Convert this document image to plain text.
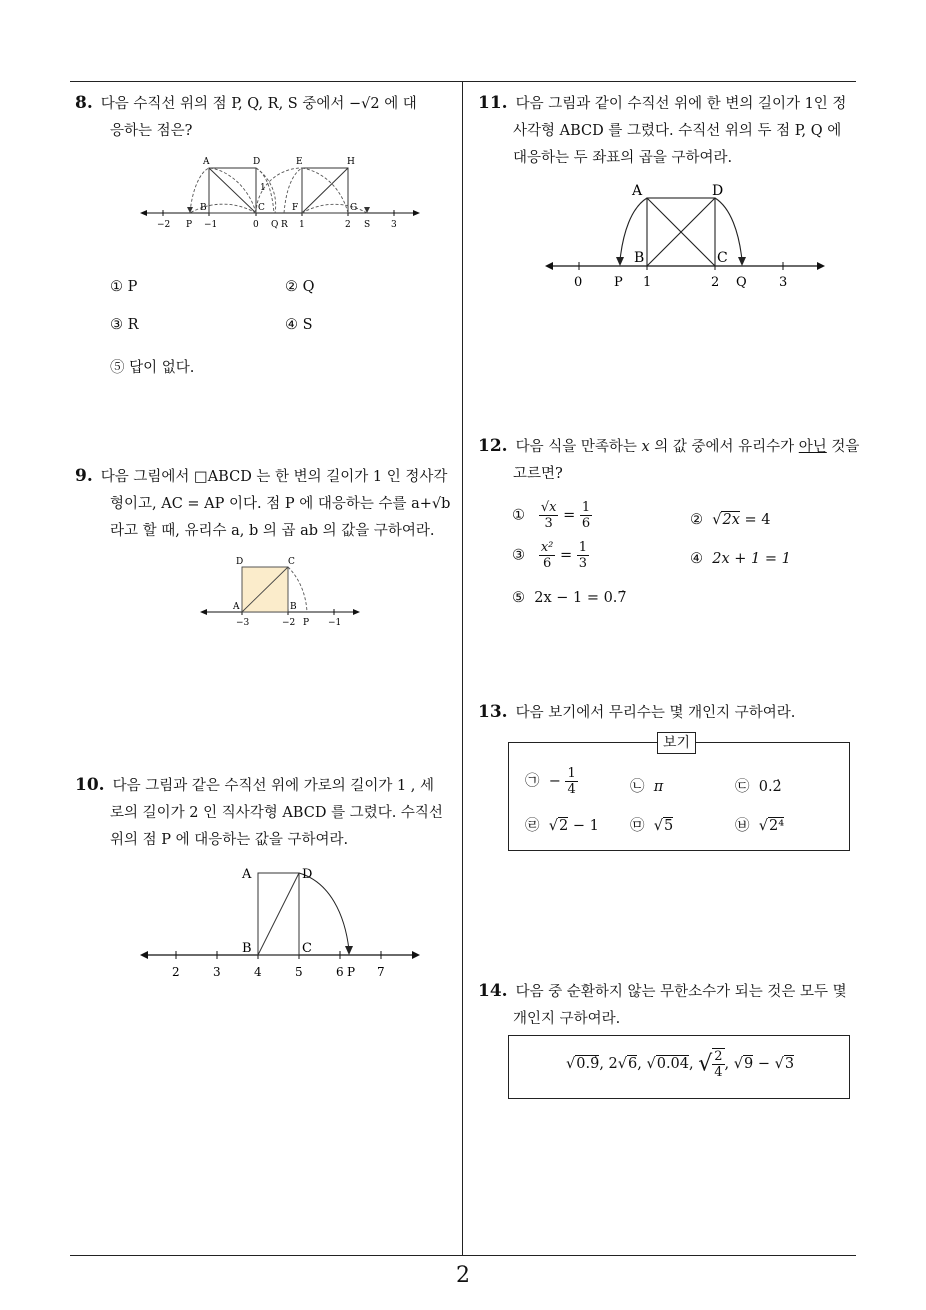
2
8. 다음 수직선 위의 점 P, Q, R, S 중에서 −√2 에 대
응하는 점은?
A	D	E	H
1
B	C	F	G
−2 P −1	0 Q R 1	2 S 3
① P	② Q
③ R	④ S
⑤ 답이 없다.
9. 다음 그림에서 □ABCD 는 한 변의 길이가 1 인 정사각
형이고, AC = AP 이다. 점 P 에 대응하는 수를 a+√b
라고 할 때, 유리수 a, b 의 곱 ab 의 값을 구하여라.
D	C
A	B
−3	−2 P −1
10. 다음 그림과 같은 수직선 위에 가로의 길이가 1 , 세
로의 길이가 2 인 직사각형 ABCD 를 그렸다. 수직선
위의 점 P 에 대응하는 값을 구하여라.
A	D
B	C
2	3	4	5	6 P 7
11. 다음 그림과 같이 수직선 위에 한 변의 길이가 1인 정
사각형 ABCD 를 그렸다. 수직선 위의 두 점 P, Q 에
대응하는 두 좌표의 곱을 구하여라.
A	D
B	C
0 P 1	2 Q 3
12. 다음 식을 만족하는 x 의 값 중에서 유리수가 아닌 것을
고르면?
① $\frac{√x}{3} = \frac{1}{6}$	②  √2x = 4
③ $\frac{\text{x²}}{6} = \frac{1}{3}$	④ 2x + 1 = 1
⑤ 2x − 1 = 0.7̇
13. 다음 보기에서 무리수는 몇 개인지 구하여라.
보기
㉠ − $\frac{1}{4}$	㉡ π	㉢ 0.2̇
㉣  √2 − 1 ㉤  √5	㉥  √2⁴
14. 다음 중 순환하지 않는 무한소수가 되는 것은 모두 몇
개인지 구하여라.
√0.9̇, 2√6, √0.04, √ $\frac{2}{4}$ , √9 − √3
